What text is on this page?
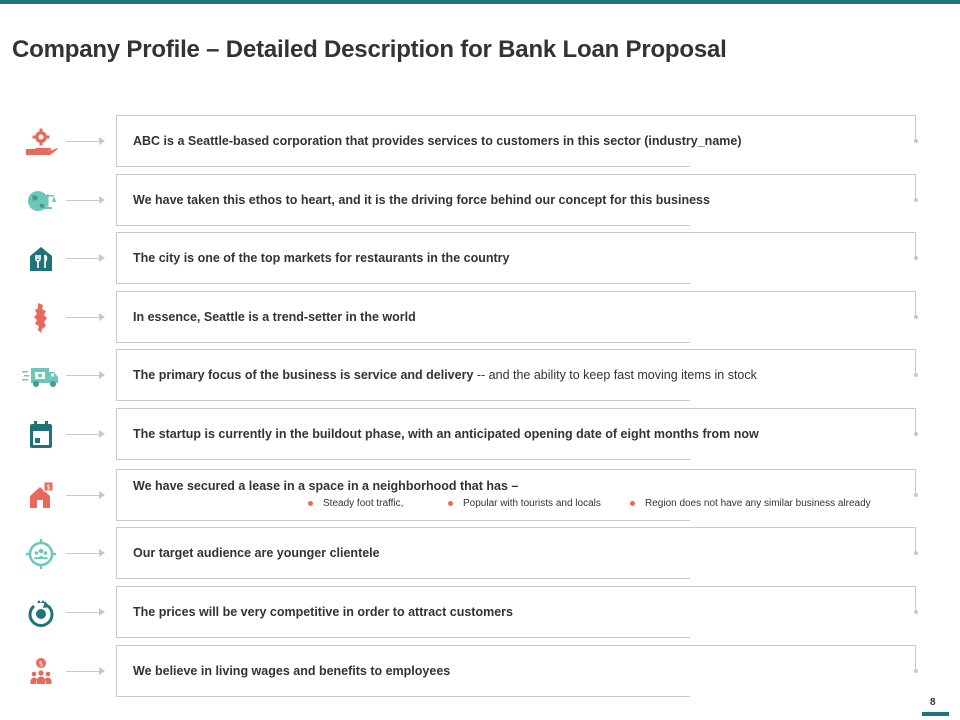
Company Profile – Detailed Description for Bank Loan Proposal
ABC is a Seattle-based corporation that provides services to customers in this sector (industry_name)
We have taken this ethos to heart, and it is the driving force behind our concept for this business
The city is one of the top markets for restaurants in the country
In essence, Seattle is a trend-setter in the world
The primary focus of the business is service and delivery -- and the ability to keep fast moving items in stock
The startup is currently in the buildout phase, with an anticipated opening date of eight months from now
$	We have secured a lease in a space in a neighborhood that has –
Steady foot traffic,	Popular with tourists and locals	Region does not have any similar business already
Our target audience are younger clientele
The prices will be very competitive in order to attract customers
$	We believe in living wages and benefits to employees
8
